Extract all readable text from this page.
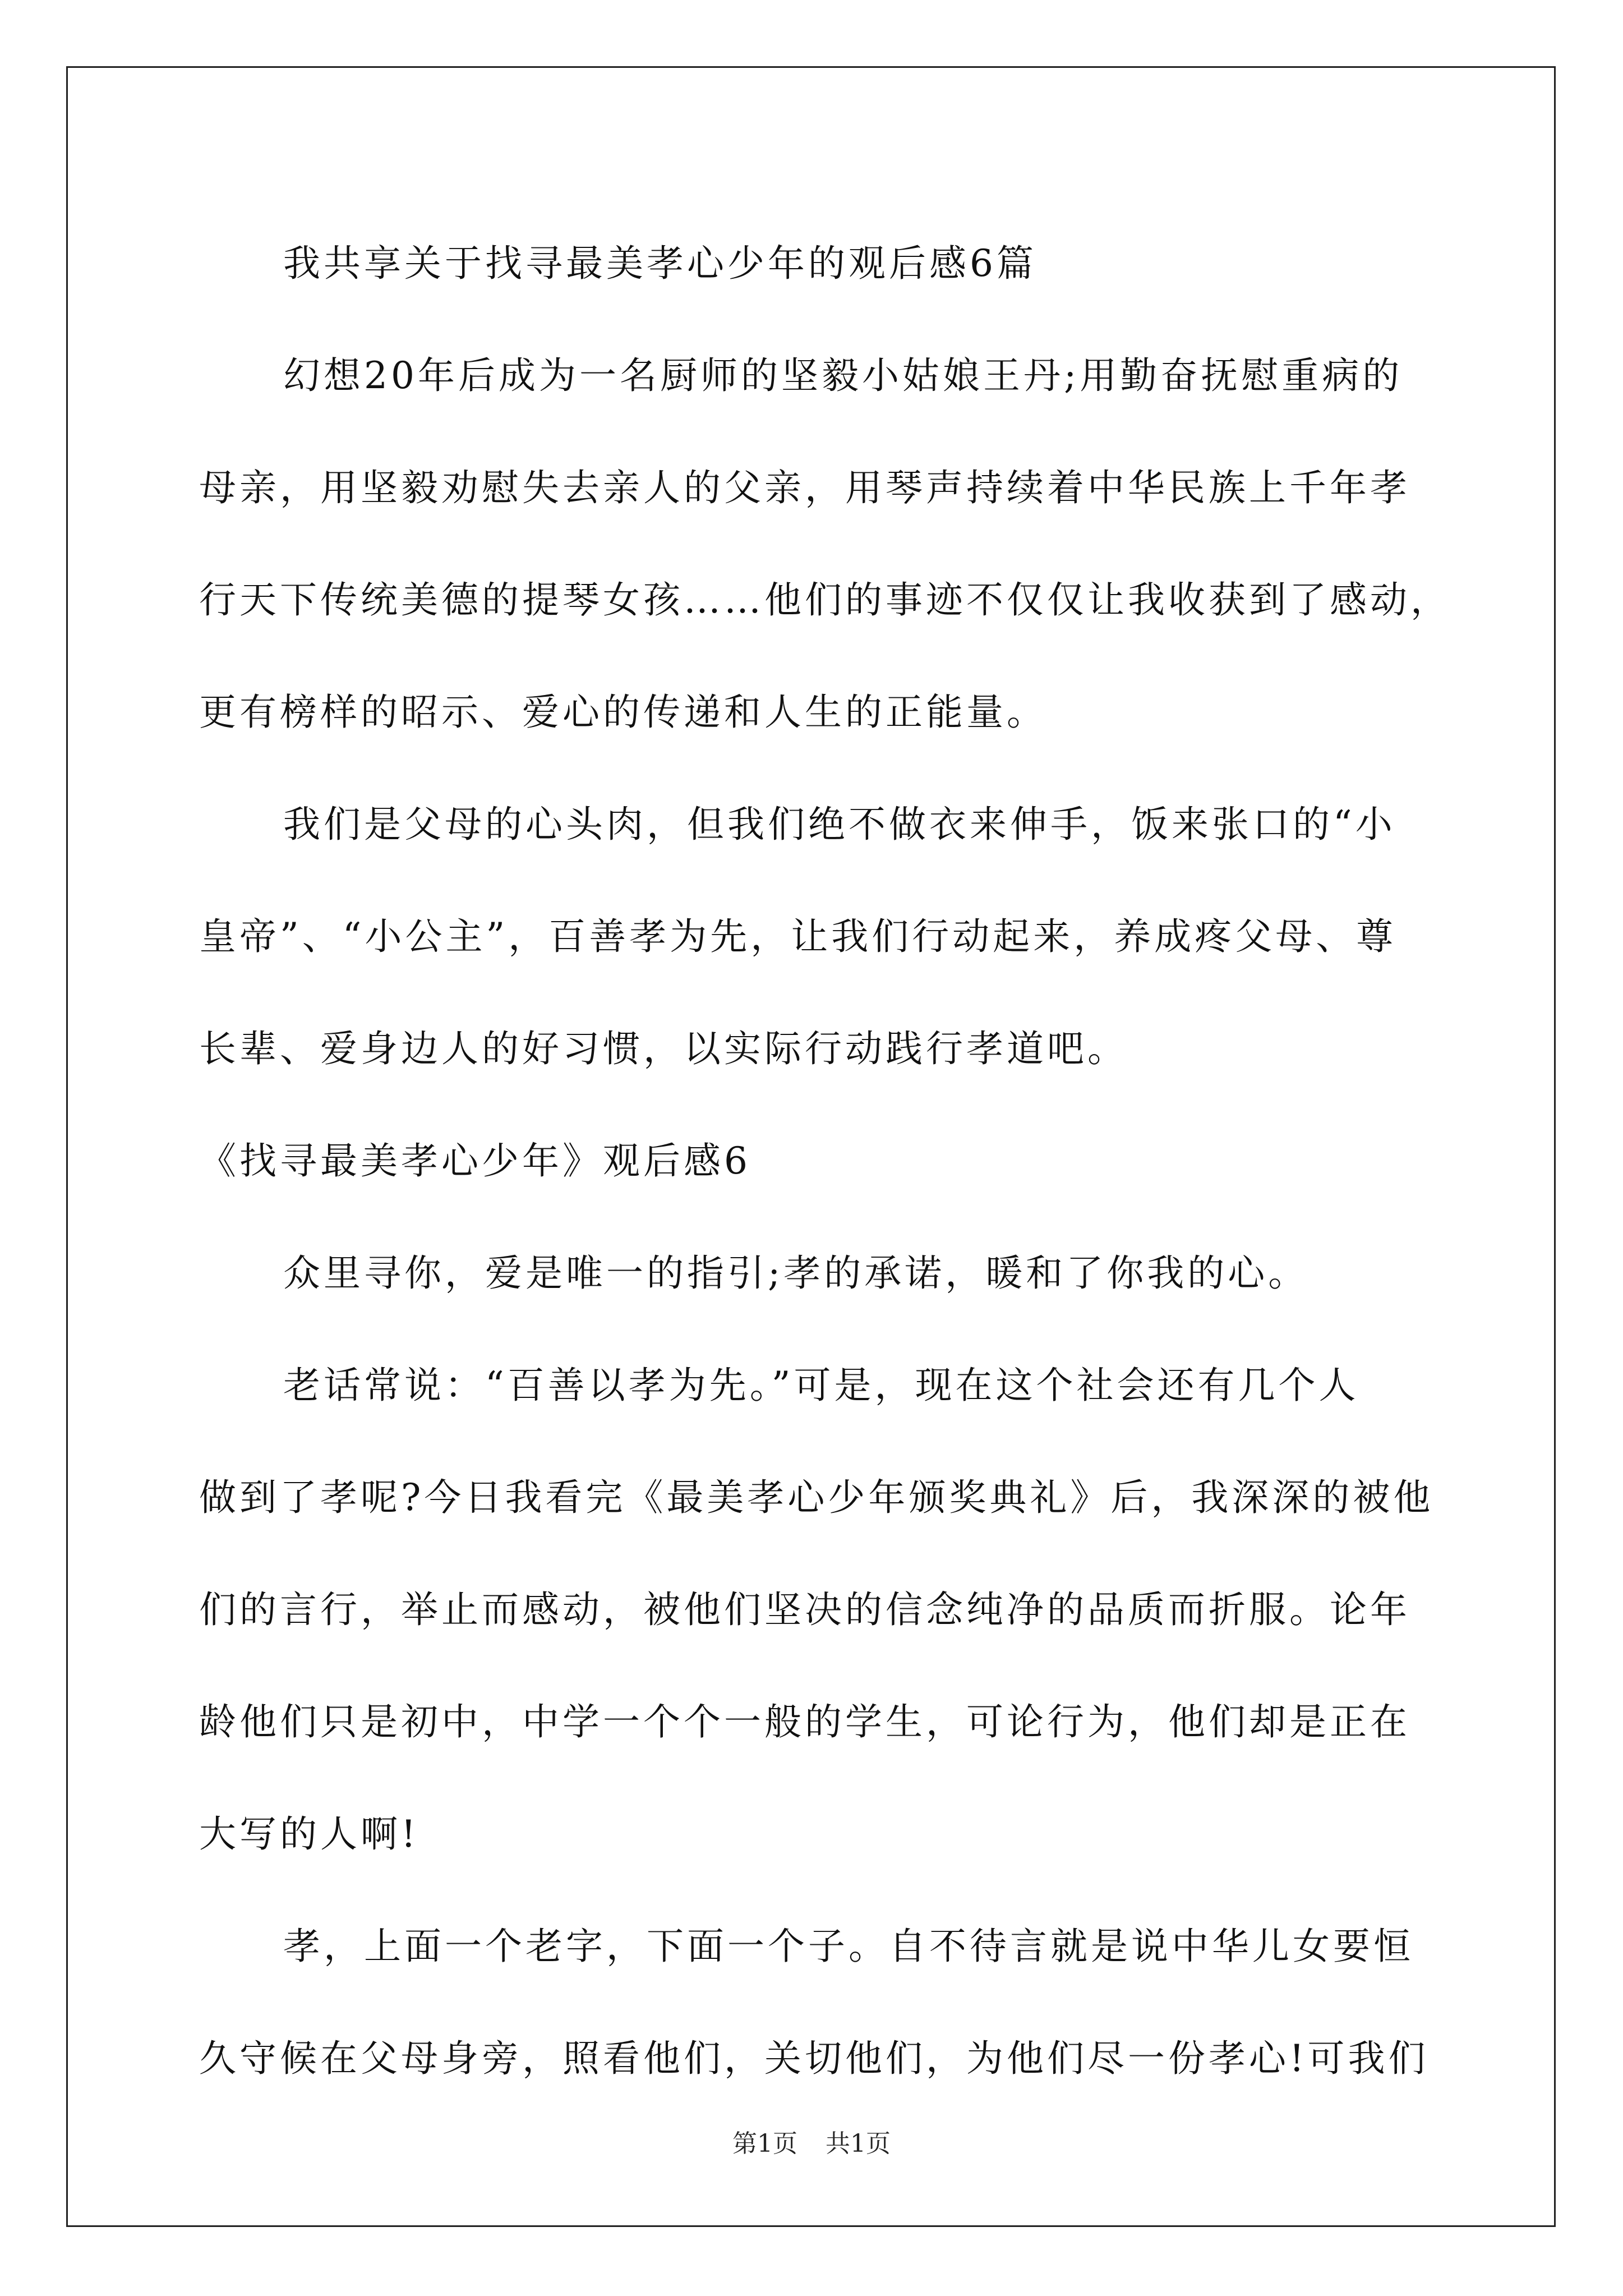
我共享关于找寻最美孝心少年的观后感6篇

幻想20年后成为一名厨师的坚毅小姑娘王丹;用勤奋抚慰重病的

母亲，用坚毅劝慰失去亲人的父亲，用琴声持续着中华民族上千年孝

行天下传统美德的提琴女孩……他们的事迹不仅仅让我收获到了感动，

更有榜样的昭示、爱心的传递和人生的正能量。

我们是父母的心头肉，但我们绝不做衣来伸手，饭来张口的“小

皇帝”、“小公主”，百善孝为先，让我们行动起来，养成疼父母、尊

长辈、爱身边人的好习惯，以实际行动践行孝道吧。

《找寻最美孝心少年》观后感6

众里寻你，爱是唯一的指引;孝的承诺，暖和了你我的心。

老话常说：“百善以孝为先。”可是，现在这个社会还有几个人

做到了孝呢?今日我看完《最美孝心少年颁奖典礼》后，我深深的被他

们的言行，举止而感动，被他们坚决的信念纯净的品质而折服。论年

龄他们只是初中，中学一个个一般的学生，可论行为，他们却是正在

大写的人啊!

孝，上面一个老字，下面一个子。自不待言就是说中华儿女要恒

久守候在父母身旁，照看他们，关切他们，为他们尽一份孝心!可我们

第1页 共1页
